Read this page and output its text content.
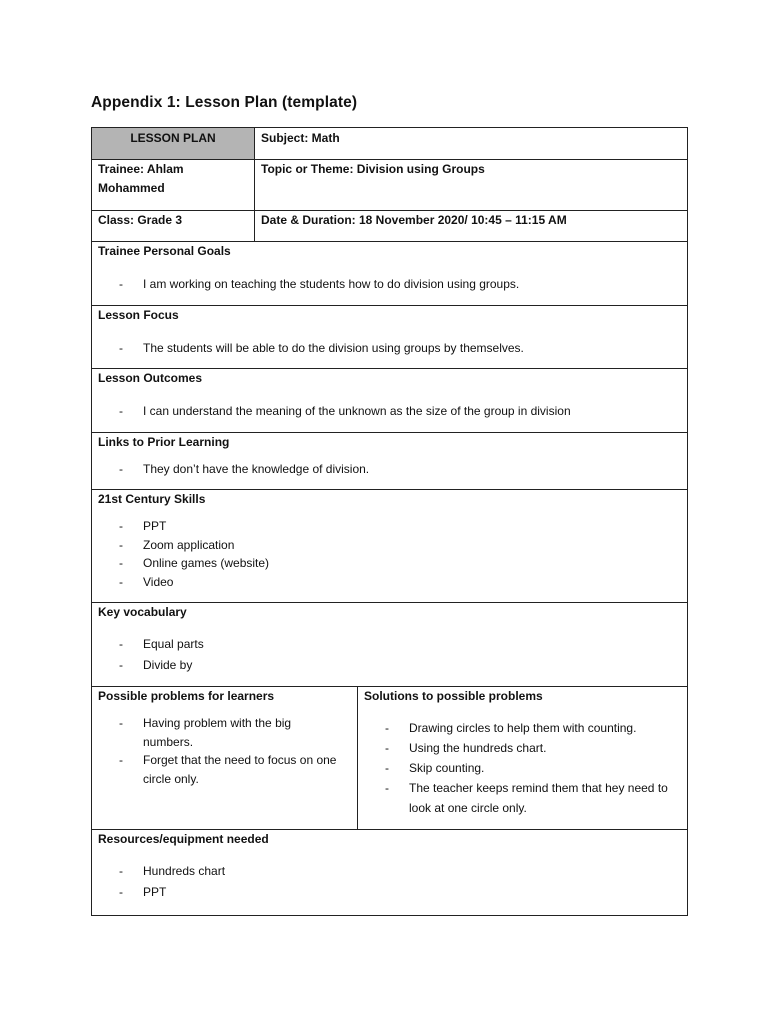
Appendix 1: Lesson Plan (template)
LESSON PLAN	Subject: Math
Trainee: Ahlam Mohammed
Topic or Theme: Division using Groups
Class: Grade 3	Date & Duration: 18 November 2020/ 10:45 – 11:15 AM
Trainee Personal Goals
- I am working on teaching the students how to do division using groups.
Lesson Focus
- The students will be able to do the division using groups by themselves.
Lesson Outcomes
- I can understand the meaning of the unknown as the size of the group in division
Links to Prior Learning
- They don’t have the knowledge of division.
21st Century Skills
- PPT
- Zoom application
- Online games (website)
- Video
Key vocabulary
- Equal parts
- Divide by
Possible problems for learners
- Having problem with the big numbers.
- Forget that the need to focus on one circle only.
Solutions to possible problems
- Drawing circles to help them with counting.
- Using the hundreds chart.
- Skip counting.
- The teacher keeps remind them that hey need to look at one circle only.
Resources/equipment needed
- Hundreds chart
- PPT
